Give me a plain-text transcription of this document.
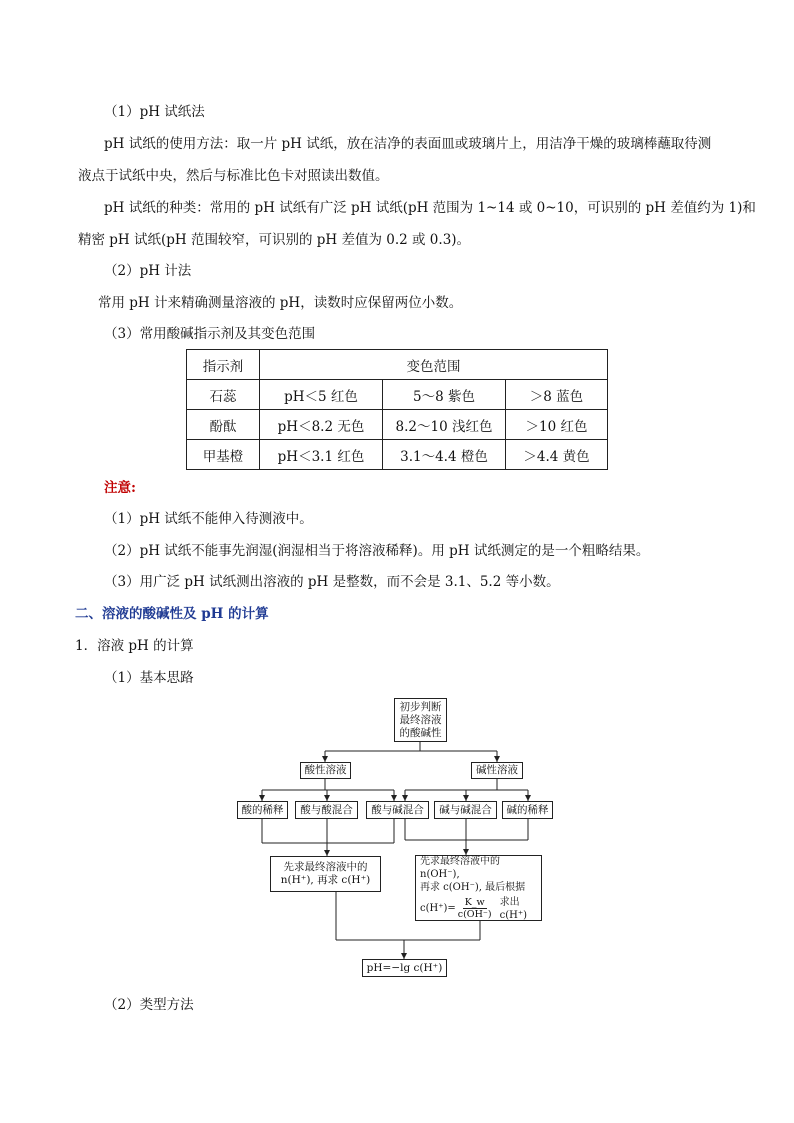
（1）pH 试纸法
pH 试纸的使用方法：取一片 pH 试纸，放在洁净的表面皿或玻璃片上，用洁净干燥的玻璃棒蘸取待测
液点于试纸中央，然后与标准比色卡对照读出数值。
pH 试纸的种类：常用的 pH 试纸有广泛 pH 试纸(pH 范围为 1~14 或 0~10，可识别的 pH 差值约为 1)和
精密 pH 试纸(pH 范围较窄，可识别的 pH 差值为 0.2 或 0.3)。
（2）pH 计法
常用 pH 计来精确测量溶液的 pH，读数时应保留两位小数。
（3）常用酸碱指示剂及其变色范围
指示剂	变色范围		
石蕊	pH＜5 红色	5～8 紫色	＞8 蓝色
酚酞	pH＜8.2 无色	8.2～10 浅红色	＞10 红色
甲基橙	pH＜3.1 红色	3.1～4.4 橙色	＞4.4 黄色
注意:
（1）pH 试纸不能伸入待测液中。
（2）pH 试纸不能事先润湿(润湿相当于将溶液稀释)。用 pH 试纸测定的是一个粗略结果。
（3）用广泛 pH 试纸测出溶液的 pH 是整数，而不会是 3.1、5.2 等小数。
二、溶液的酸碱性及 pH 的计算
1．溶液 pH 的计算
（1）基本思路
初步判断
最终溶液
的酸碱性
酸性溶液	碱性溶液
酸的稀释	酸与酸混合	酸与碱混合	碱与碱混合	碱的稀释
先求最终溶液中的
n(H⁺), 再求 c(H⁺)
先求最终溶液中的 n(OH⁻),
再求 c(OH⁻), 最后根据
$c(H^+)= \frac{K\_w}{c(OH^-)}$ 求出 c(H⁺)
pH=−lg c(H⁺)
（2）类型方法
